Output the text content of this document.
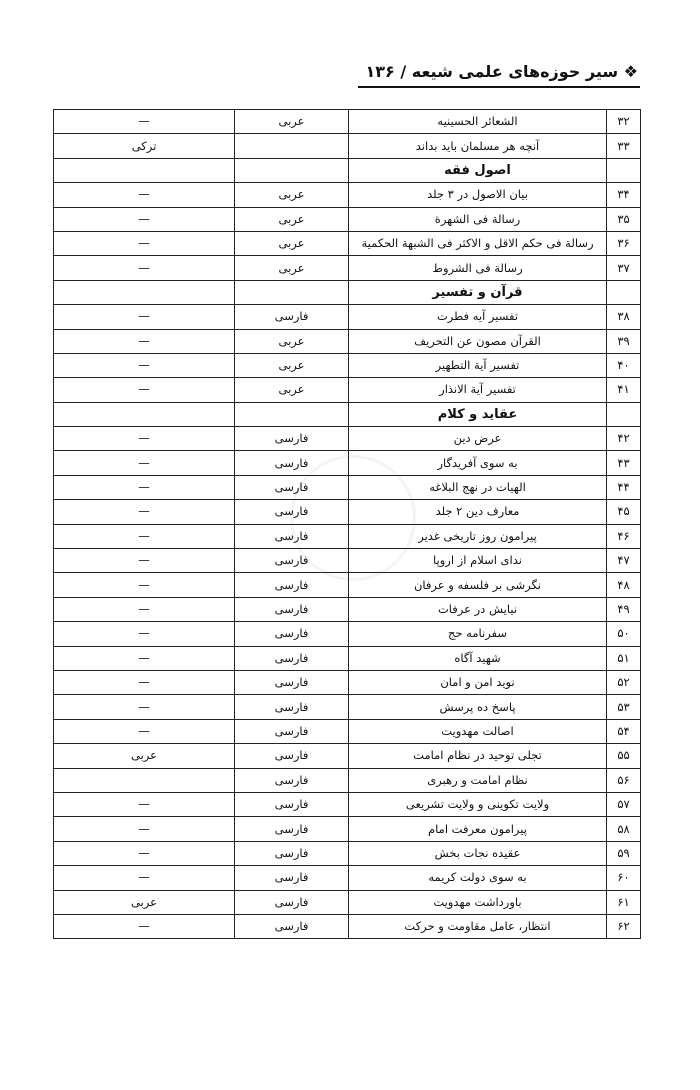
❖ سیر حوزه‌های علمی شیعه / ۱۳۶
۳۲	الشعائر الحسینیه	عربی	—
۳۳	آنچه هر مسلمان باید بداند		ترکی
	اصول فقه		
۳۴	بیان الاصول در ۳ جلد	عربی	—
۳۵	رسالة فی الشهرة	عربی	—
۳۶	رسالة فی حکم الاقل و الاکثر فی الشبهة الحکمیة	عربی	—
۳۷	رسالة فی الشروط	عربی	—
	قرآن و تفسیر		
۳۸	تفسیر آیه فطرت	فارسی	—
۳۹	القرآن مصون عن التحریف	عربی	—
۴۰	تفسیر آیة التطهیر	عربی	—
۴۱	تفسیر آیة الانذار	عربی	—
	عقاید و کلام		
۴۲	عرض دین	فارسی	—
۴۳	به سوی آفریدگار	فارسی	—
۴۴	الهیات در نهج البلاغه	فارسی	—
۴۵	معارف دین ۲ جلد	فارسی	—
۴۶	پیرامون روز تاریخی غدیر	فارسی	—
۴۷	ندای اسلام از اروپا	فارسی	—
۴۸	نگرشی بر فلسفه و عرفان	فارسی	—
۴۹	نیایش در عرفات	فارسی	—
۵۰	سفرنامه حج	فارسی	—
۵۱	شهید آگاه	فارسی	—
۵۲	نوید امن و امان	فارسی	—
۵۳	پاسخ ده پرسش	فارسی	—
۵۴	اصالت مهدویت	فارسی	—
۵۵	تجلی توحید در نظام امامت	فارسی	عربی
۵۶	نظام امامت و رهبری	فارسی	
۵۷	ولایت تکوینی و ولایت تشریعی	فارسی	—
۵۸	پیرامون معرفت امام	فارسی	—
۵۹	عقیده نجات بخش	فارسی	—
۶۰	به سوی دولت کریمه	فارسی	—
۶۱	باورداشت مهدویت	فارسی	عربی
۶۲	انتظار، عامل مقاومت و حرکت	فارسی	—
